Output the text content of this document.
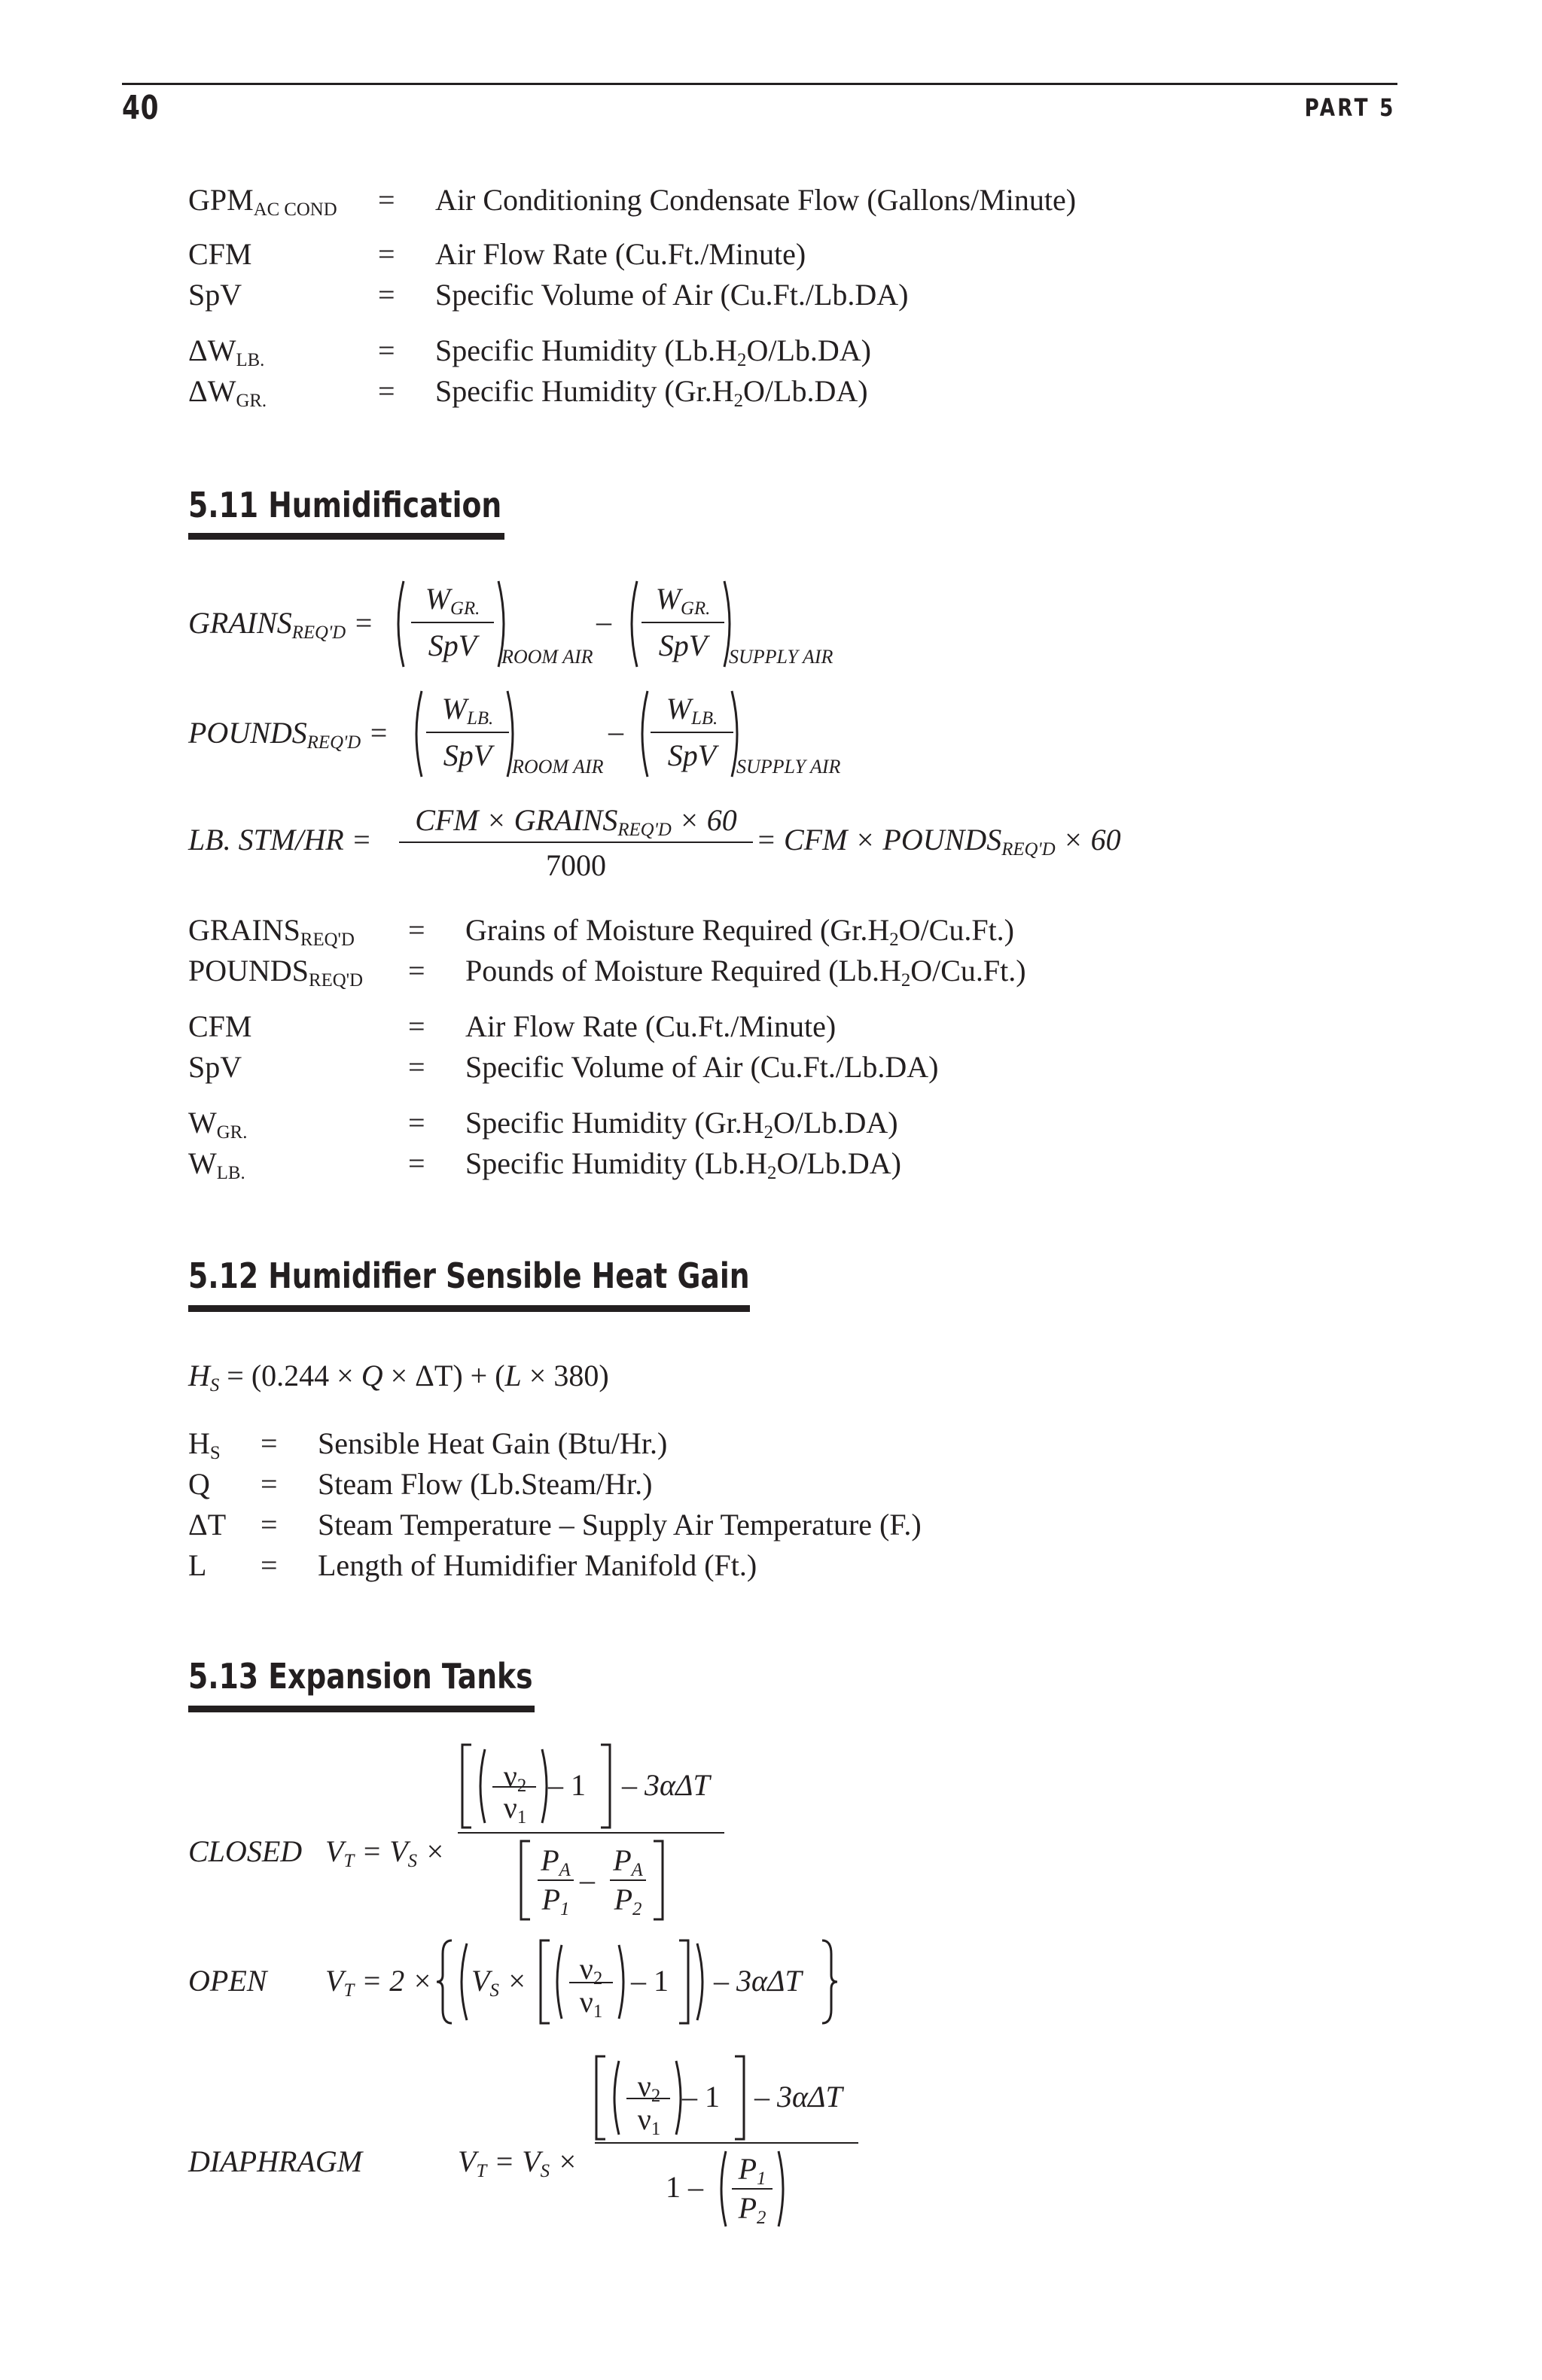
40	PART 5
$GPM_{AC COND}$ = Air Conditioning Condensate Flow (Gallons/Minute)
CFM	= Air Flow Rate (Cu.Ft./Minute)
SpV	= Specific Volume of Air (Cu.Ft./Lb.DA)
$\Delta W_{LB.}$	= Specific Humidity $(Lb.H_2O/Lb.DA)$
$\Delta W_{GR.}$	= Specific Humidity $(Gr.H_2O/Lb.DA)$
5.11 Humidification
$GRAINS_{REQ'D}$ =
$W_{GR.}$
SpV	ROOM AIR
–
$W_{GR.}$
SpV	SUPPLY AIR
$POUNDS_{REQ'D}$ =
$W_{LB.}$
SpV	ROOM AIR
–
$W_{LB.}$
SpV	SUPPLY AIR
LB. STM/HR =
CFM × $GRAINS_{REQ'D} \times 60$
7000
= CFM × $POUNDS_{REQ'D} \times 60$
$GRAINS_{REQ'D}$ = Grains of Moisture Required $(Gr.H_2O/Cu.Ft.)$
$POUNDS_{REQ'D}$ = Pounds of Moisture Required $(Lb.H_2O/Cu.Ft.)$
CFM	= Air Flow Rate (Cu.Ft./Minute)
SpV	= Specific Volume of Air (Cu.Ft./Lb.DA)
$W_{GR.}$	= Specific Humidity $(Gr.H_2O/Lb.DA)$
$W_{LB.}$	= Specific Humidity $(Lb.H_2O/Lb.DA)$
5.12 Humidifier Sensible Heat Gain
$H_S = (0.244 \times Q \times \Delta T) + (L \times 380)$
$H_S$ = Sensible Heat Gain (Btu/Hr.)
Q = Steam Flow (Lb.Steam/Hr.)
ΔT = Steam Temperature – Supply Air Temperature (F.)
L = Length of Humidifier Manifold (Ft.)
5.13 Expansion Tanks
CLOSED $V_T = V_S$ ×
$\nu_2$
$\nu_1$
– 1 – 3αΔT
$P_A$
$P_1$
–
$P_A$
$P_2$
OPEN $V_T = 2 \times V_S$ ×	$\nu_2$
$\nu_1$
– 1 – 3αΔT
DIAPHRAGM	$V_T = V_S$ ×
$\nu_2$
$\nu_1$
– 1 – 3αΔT
1 –
$P_1$
$P_2$
